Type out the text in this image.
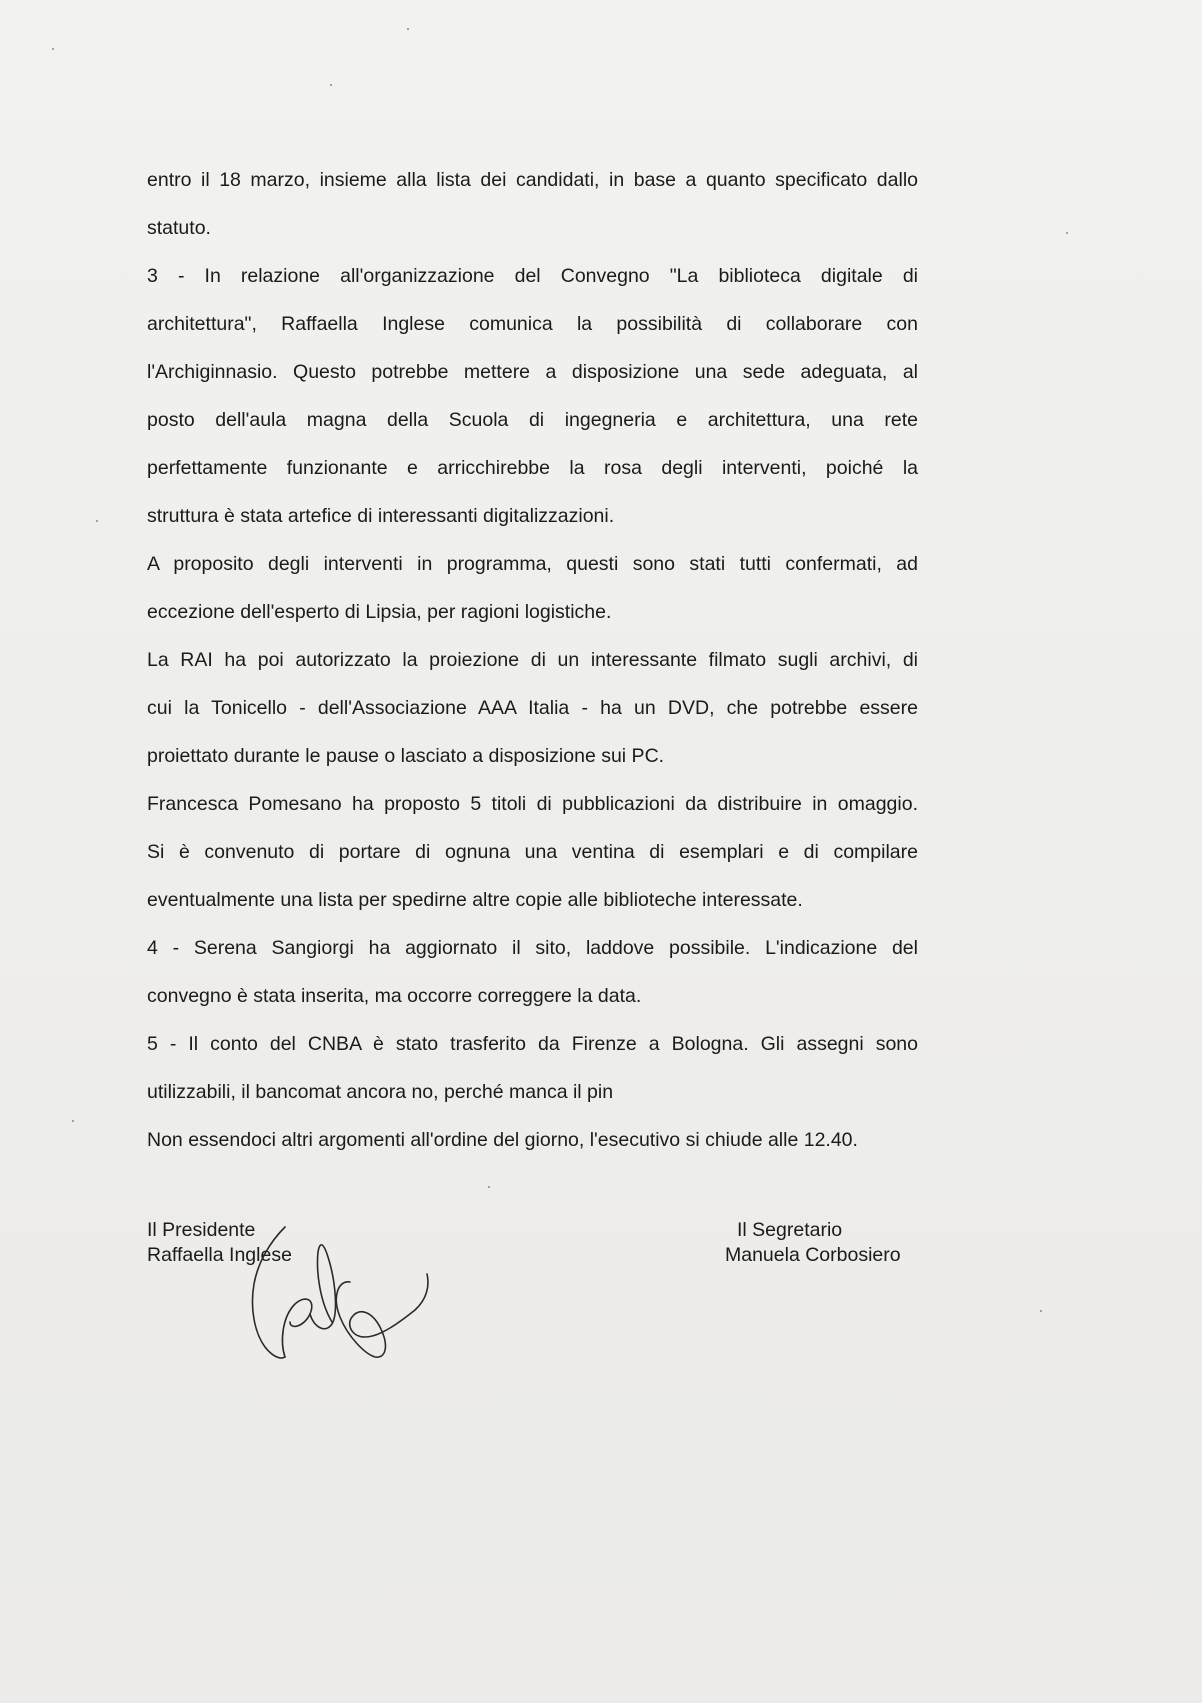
entro il 18 marzo, insieme alla lista dei candidati, in base a quanto specificato dallo

statuto.

3 - In relazione all'organizzazione del Convegno "La biblioteca digitale di

architettura", Raffaella Inglese comunica la possibilità di collaborare con

l'Archiginnasio. Questo potrebbe mettere a disposizione una sede adeguata, al

posto dell'aula magna della Scuola di ingegneria e architettura, una rete

perfettamente funzionante e arricchirebbe la rosa degli interventi, poiché la

struttura è stata artefice di interessanti digitalizzazioni.

A proposito degli interventi in programma, questi sono stati tutti confermati, ad

eccezione dell'esperto di Lipsia, per ragioni logistiche.

La RAI ha poi autorizzato la proiezione di un interessante filmato sugli archivi, di

cui la Tonicello - dell'Associazione AAA Italia - ha un DVD, che potrebbe essere

proiettato durante le pause o lasciato a disposizione sui PC.

Francesca Pomesano ha proposto 5 titoli di pubblicazioni da distribuire in omaggio.

Si è convenuto di portare di ognuna una ventina di esemplari e di compilare

eventualmente una lista per spedirne altre copie alle biblioteche interessate.

4 - Serena Sangiorgi ha aggiornato il sito, laddove possibile. L'indicazione del

convegno è stata inserita, ma occorre correggere la data.

5 - Il conto del CNBA è stato trasferito da Firenze a Bologna. Gli assegni sono

utilizzabili, il bancomat ancora no, perché manca il pin

Non essendoci altri argomenti all'ordine del giorno, l'esecutivo si chiude alle 12.40.

Il Presidente
Raffaella Inglese
Il Segretario
Manuela Corbosiero
